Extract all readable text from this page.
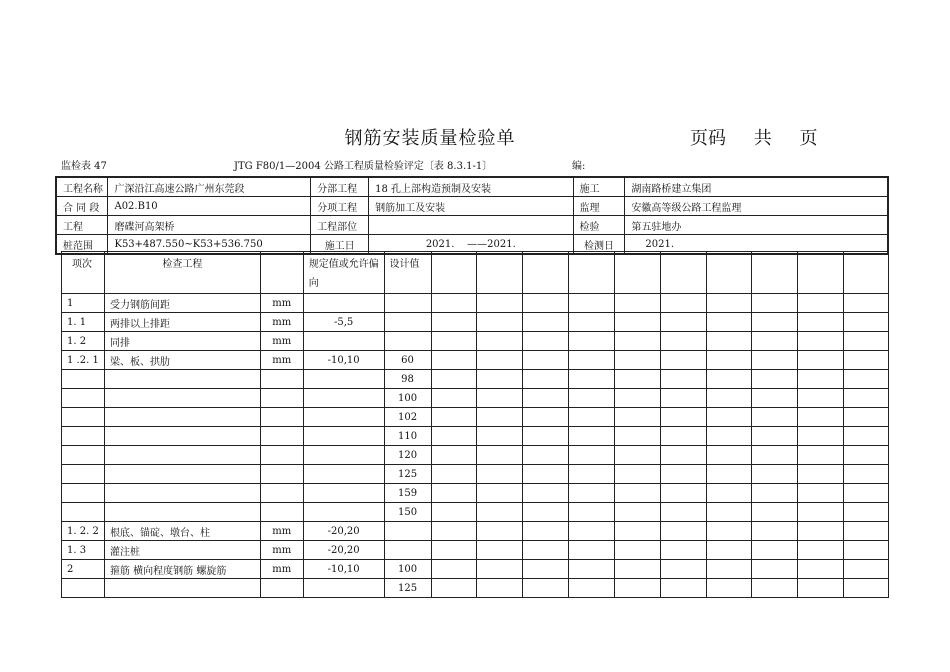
钢筋安装质量检验单	页码 共 页
监检表 47	JTG F80/1—2004 公路工程质量检验评定〔表 8.3.1-1〕	编:
工程名称	广深沿江高速公路广州东莞段	分部工程	18 孔上部构造预制及安装	施工	湖南路桥建立集团
合 同 段	A02.B10	分项工程	钢筋加工及安装	监理	安徽高等级公路工程监理
工程	磨碟河高架桥	工程部位		检验	第五驻地办
桩范围	K53+487.550~K53+536.750	施工日	2021.    ——2021.	检测日	2021.
项次	检查工程		规定值或允许偏向	设计值										
1	受力钢筋间距	mm												
1. 1	两排以上排距	mm	-5,5											
1. 2	同排	mm												
1 .2. 1	梁、板、拱肋	mm	-10,10	60										
				98										
				100										
				102										
				110										
				120										
				125										
				159										
				150										
1. 2. 2	根底、锚碇、墩台、柱	mm	-20,20											
1. 3	灌注桩	mm	-20,20											
2	箍筋 横向程度钢筋 螺旋筋	mm	-10,10	100										
				125										
